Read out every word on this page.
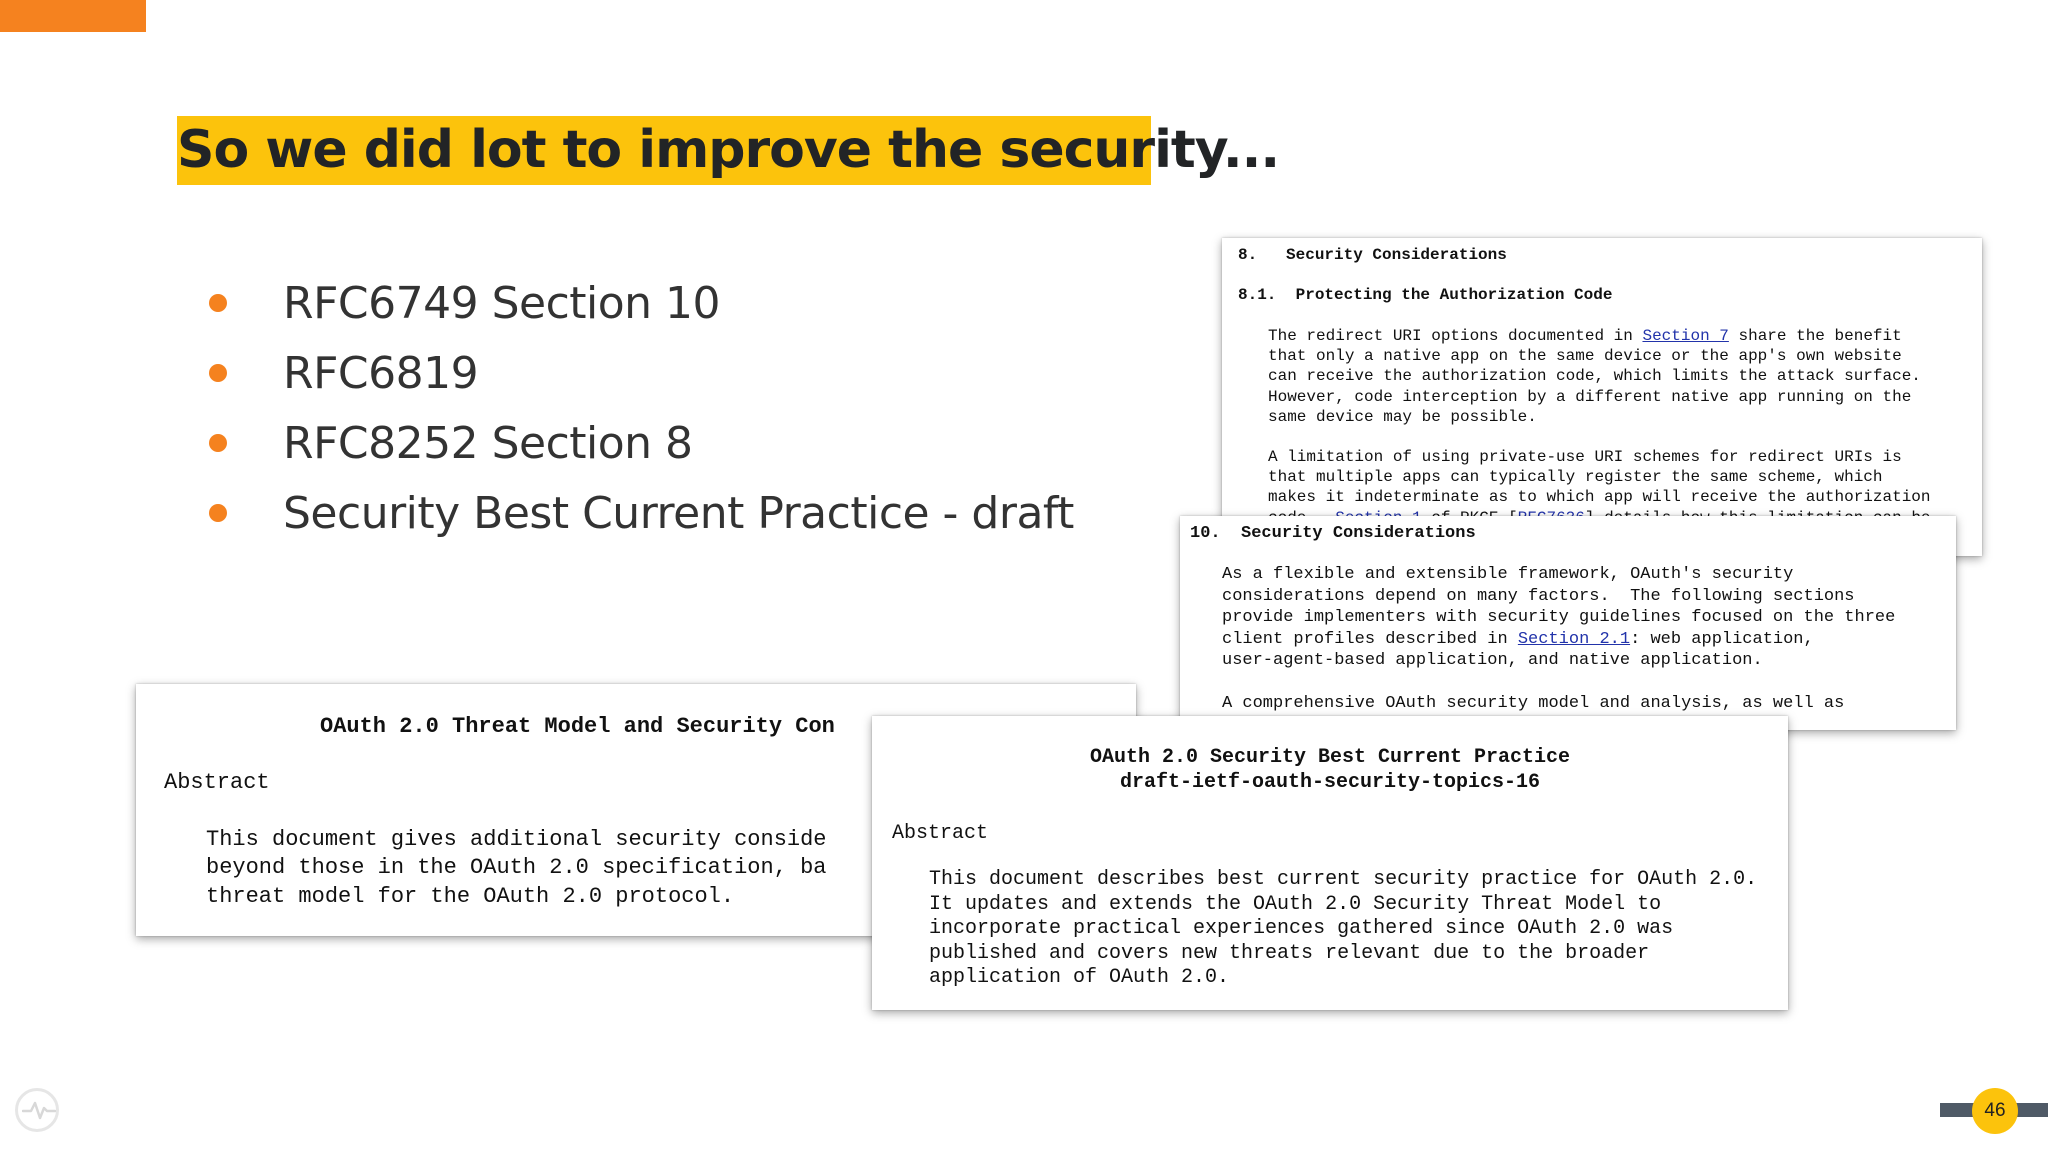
So we did lot to improve the security...
RFC6749 Section 10
RFC6819
RFC8252 Section 8
Security Best Current Practice - draft
8.   Security Considerations
8.1.  Protecting the Authorization Code
The redirect URI options documented in Section 7 share the benefit
that only a native app on the same device or the app's own website
can receive the authorization code, which limits the attack surface.
However, code interception by a different native app running on the
same device may be possible.
A limitation of using private-use URI schemes for redirect URIs is
that multiple apps can typically register the same scheme, which
makes it indeterminate as to which app will receive the authorization

10.  Security Considerations
As a flexible and extensible framework, OAuth's security
considerations depend on many factors.  The following sections
provide implementers with security guidelines focused on the three
client profiles described in Section 2.1: web application,
user-agent-based application, and native application.
A comprehensive OAuth security model and analysis, as well as
OAuth 2.0 Threat Model and Security Con
Abstract
This document gives additional security conside
beyond those in the OAuth 2.0 specification, ba
threat model for the OAuth 2.0 protocol.
OAuth 2.0 Security Best Current Practice
draft-ietf-oauth-security-topics-16
Abstract
This document describes best current security practice for OAuth 2.0.
It updates and extends the OAuth 2.0 Security Threat Model to
incorporate practical experiences gathered since OAuth 2.0 was
published and covers new threats relevant due to the broader
application of OAuth 2.0.
46
